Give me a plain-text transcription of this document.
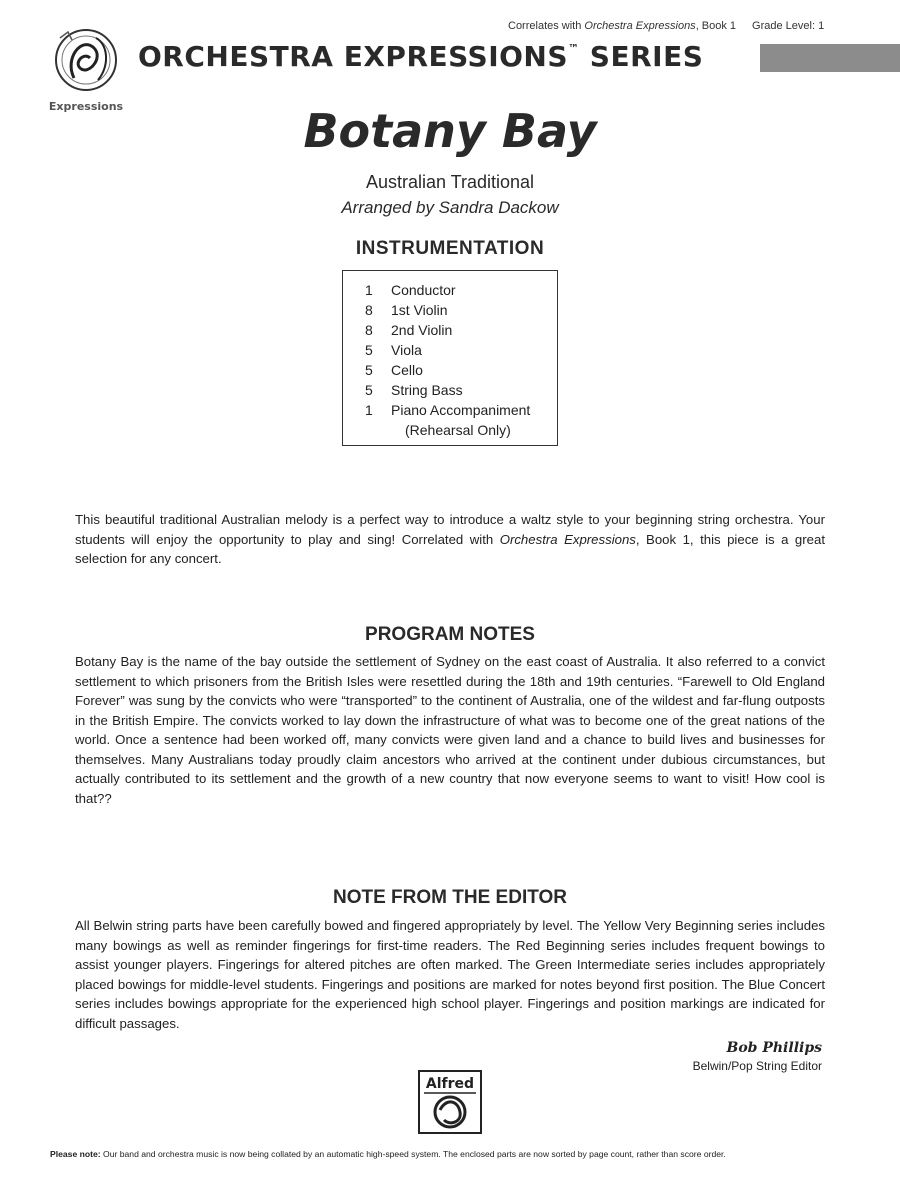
Expressions
Correlates with Orchestra Expressions, Book 1 Grade Level: 1
ORCHESTRA EXPRESSIONS™ SERIES
Botany Bay
Australian Traditional
Arranged by Sandra Dackow
INSTRUMENTATION
1 Conductor
8 1st Violin
8 2nd Violin
5 Viola
5 Cello
5 String Bass
1 Piano Accompaniment
(Rehearsal Only)
This beautiful traditional Australian melody is a perfect way to introduce a waltz style to your beginning string orchestra. Your students will enjoy the opportunity to play and sing! Correlated with Orchestra Expressions, Book 1, this piece is a great selection for any concert.
PROGRAM NOTES
Botany Bay is the name of the bay outside the settlement of Sydney on the east coast of Australia. It also referred to a convict settlement to which prisoners from the British Isles were resettled during the 18th and 19th centuries. “Farewell to Old England Forever” was sung by the convicts who were “transported” to the continent of Australia, one of the wildest and far-flung outposts in the British Empire. The convicts worked to lay down the infrastructure of what was to become one of the great nations of the world. Once a sentence had been worked off, many convicts were given land and a chance to build lives and businesses for themselves. Many Australians today proudly claim ancestors who arrived at the continent under dubious circumstances, but actually contributed to its settlement and the growth of a new country that now everyone seems to want to visit! How cool is that??
NOTE FROM THE EDITOR
All Belwin string parts have been carefully bowed and fingered appropriately by level. The Yellow Very Beginning series includes many bowings as well as reminder fingerings for first-time readers. The Red Beginning series includes frequent bowings to assist younger players. Fingerings for altered pitches are often marked. The Green Intermediate series includes appropriately placed bowings for middle-level students. Fingerings and positions are marked for notes beyond first position. The Blue Concert series includes bowings appropriate for the experienced high school player. Fingerings and position markings are indicated for difficult passages.
Bob Phillips
Belwin/Pop String Editor
Alfred
Please note: Our band and orchestra music is now being collated by an automatic high-speed system. The enclosed parts are now sorted by page count, rather than score order.
